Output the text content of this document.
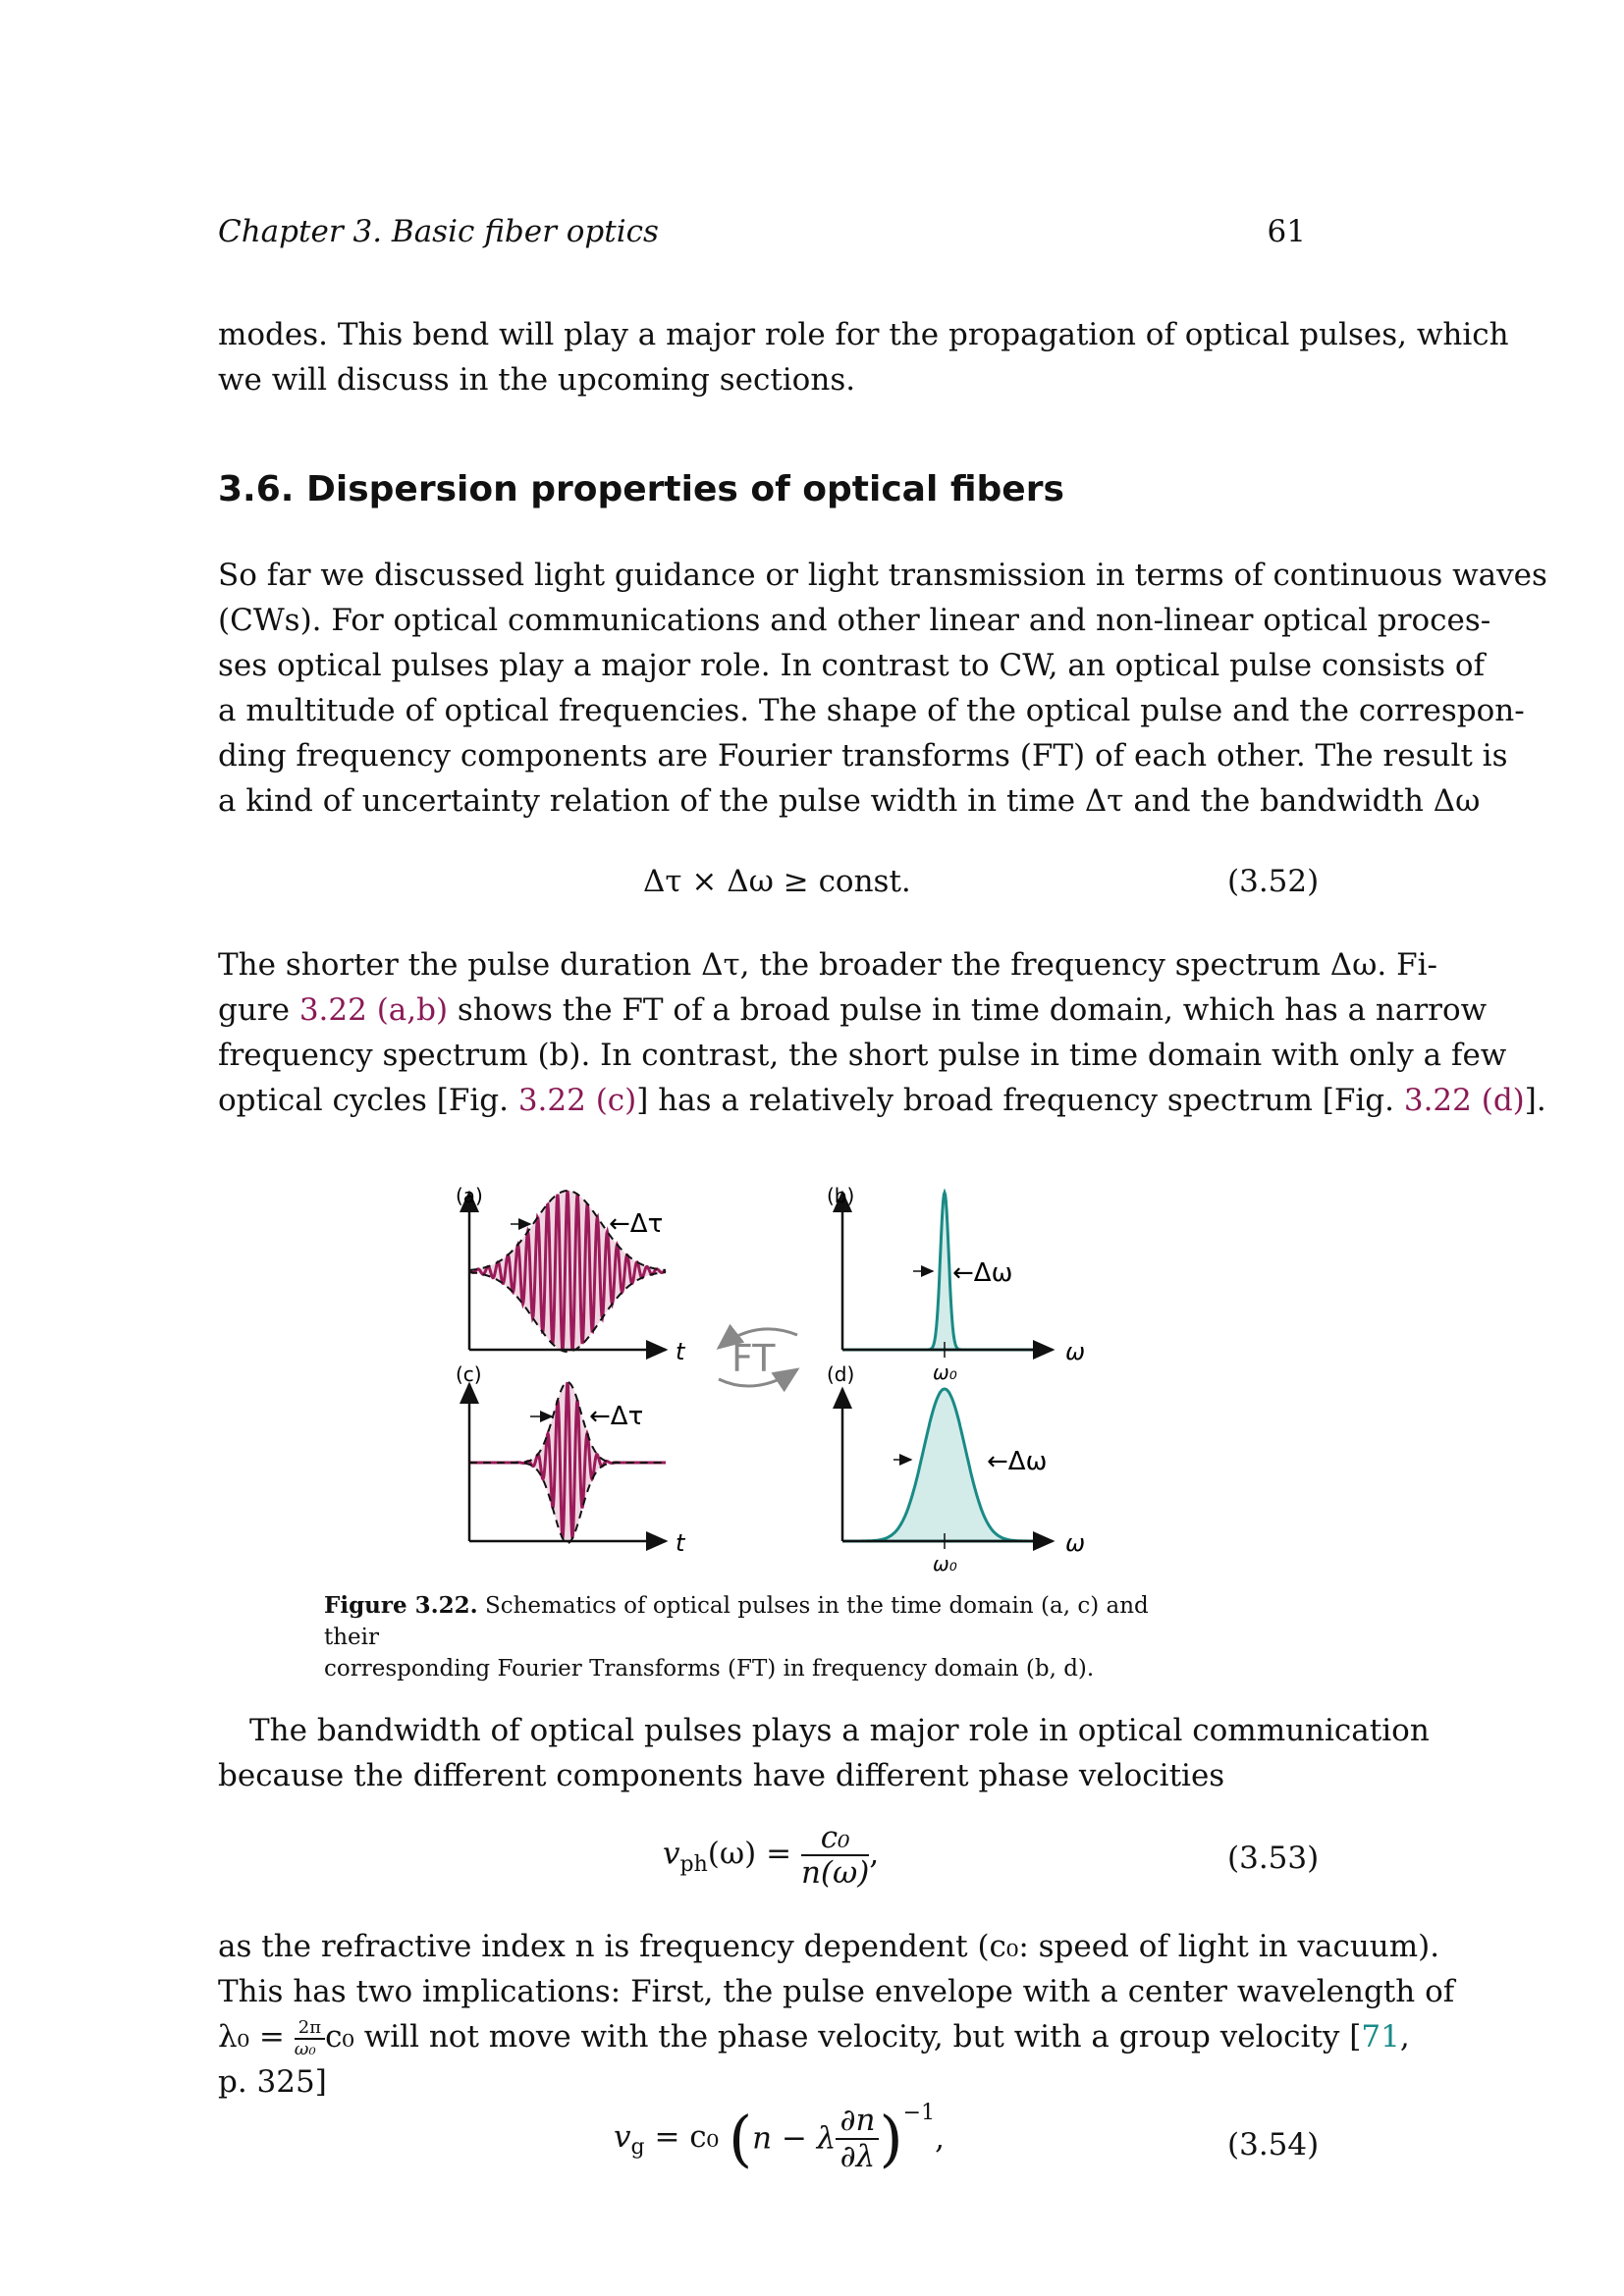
Chapter 3. Basic fiber optics	61
modes. This bend will play a major role for the propagation of optical pulses, which
we will discuss in the upcoming sections.
3.6. Dispersion properties of optical fibers
So far we discussed light guidance or light transmission in terms of continuous waves
(CWs). For optical communications and other linear and non-linear optical proces-
ses optical pulses play a major role. In contrast to CW, an optical pulse consists of
a multitude of optical frequencies. The shape of the optical pulse and the correspon-
ding frequency components are Fourier transforms (FT) of each other. The result is
a kind of uncertainty relation of the pulse width in time Δτ and the bandwidth Δω
Δτ × Δω ≥ const.	(3.52)
The shorter the pulse duration Δτ, the broader the frequency spectrum Δω. Fi-
gure 3.22 (a,b) shows the FT of a broad pulse in time domain, which has a narrow
frequency spectrum (b). In contrast, the short pulse in time domain with only a few
optical cycles [Fig. 3.22 (c)] has a relatively broad frequency spectrum [Fig. 3.22 (d)].
(a)
←Δτ
t
(c)
←Δτ
t
FT
(b)
←Δω
ω₀
ω
(d)
←Δω
ω₀
ω
Figure 3.22. Schematics of optical pulses in the time domain (a, c) and their
corresponding Fourier Transforms (FT) in frequency domain (b, d).
The bandwidth of optical pulses plays a major role in optical communication
because the different components have different phase velocities
$v_{ph}(\omega) = \frac{\text{c₀}}{n(\omega)}$ ,	(3.53)
as the refractive index n is frequency dependent (c₀: speed of light in vacuum).
This has two implications: First, the pulse envelope with a center wavelength of
$\lambda_0 = \frac{2\pi}{\text{ω₀}} c_0$ will not move with the phase velocity, but with a group velocity [71,
p. 325]
$v_g = c_0$ (n − λ $\frac{\partial n}{\partial\lambda} )^{-1}$,	(3.54)
